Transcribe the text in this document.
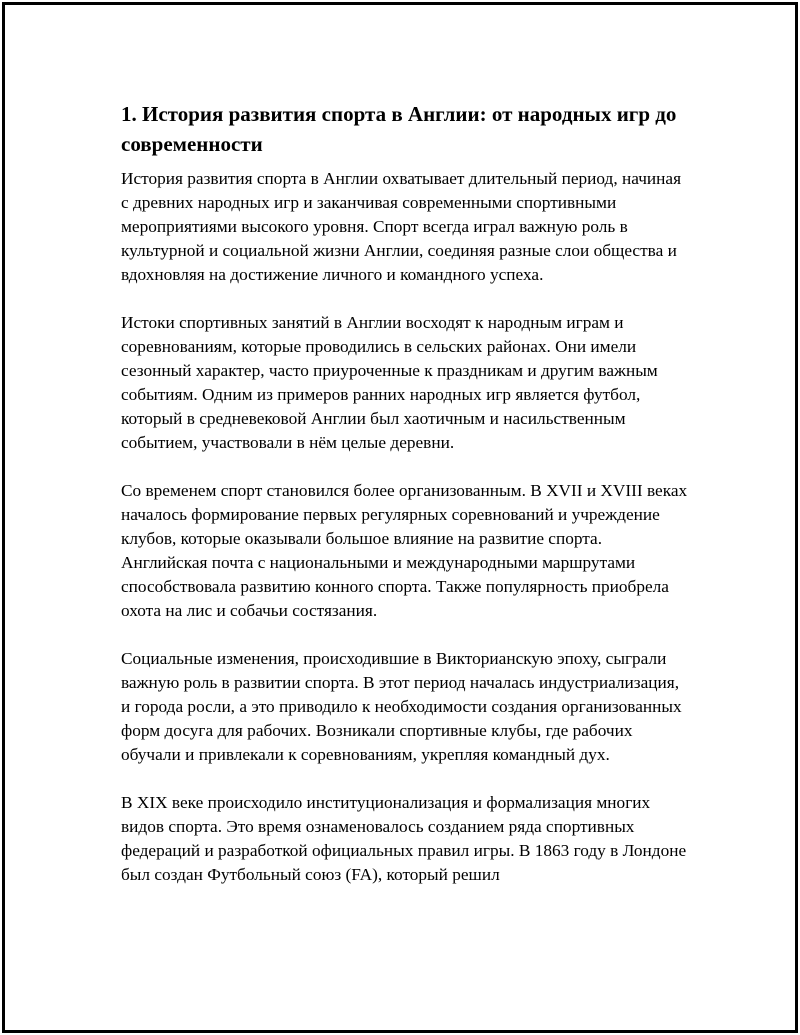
1. История развития спорта в Англии: от народных игр до современности

История развития спорта в Англии охватывает длительный период, начиная с древних народных игр и заканчивая современными спортивными мероприятиями высокого уровня. Спорт всегда играл важную роль в культурной и социальной жизни Англии, соединяя разные слои общества и вдохновляя на достижение личного и командного успеха.

Истоки спортивных занятий в Англии восходят к народным играм и соревнованиям, которые проводились в сельских районах. Они имели сезонный характер, часто приуроченные к праздникам и другим важным событиям. Одним из примеров ранних народных игр является футбол, который в средневековой Англии был хаотичным и насильственным событием, участвовали в нём целые деревни.

Со временем спорт становился более организованным. В XVII и XVIII веках началось формирование первых регулярных соревнований и учреждение клубов, которые оказывали большое влияние на развитие спорта. Английская почта с национальными и международными маршрутами способствовала развитию конного спорта. Также популярность приобрела охота на лис и собачьи состязания.

Социальные изменения, происходившие в Викторианскую эпоху, сыграли важную роль в развитии спорта. В этот период началась индустриализация, и города росли, а это приводило к необходимости создания организованных форм досуга для рабочих. Возникали спортивные клубы, где рабочих обучали и привлекали к соревнованиям, укрепляя командный дух.

В XIX веке происходило институционализация и формализация многих видов спорта. Это время ознаменовалось созданием ряда спортивных федераций и разработкой официальных правил игры. В 1863 году в Лондоне был создан Футбольный союз (FA), который решил
